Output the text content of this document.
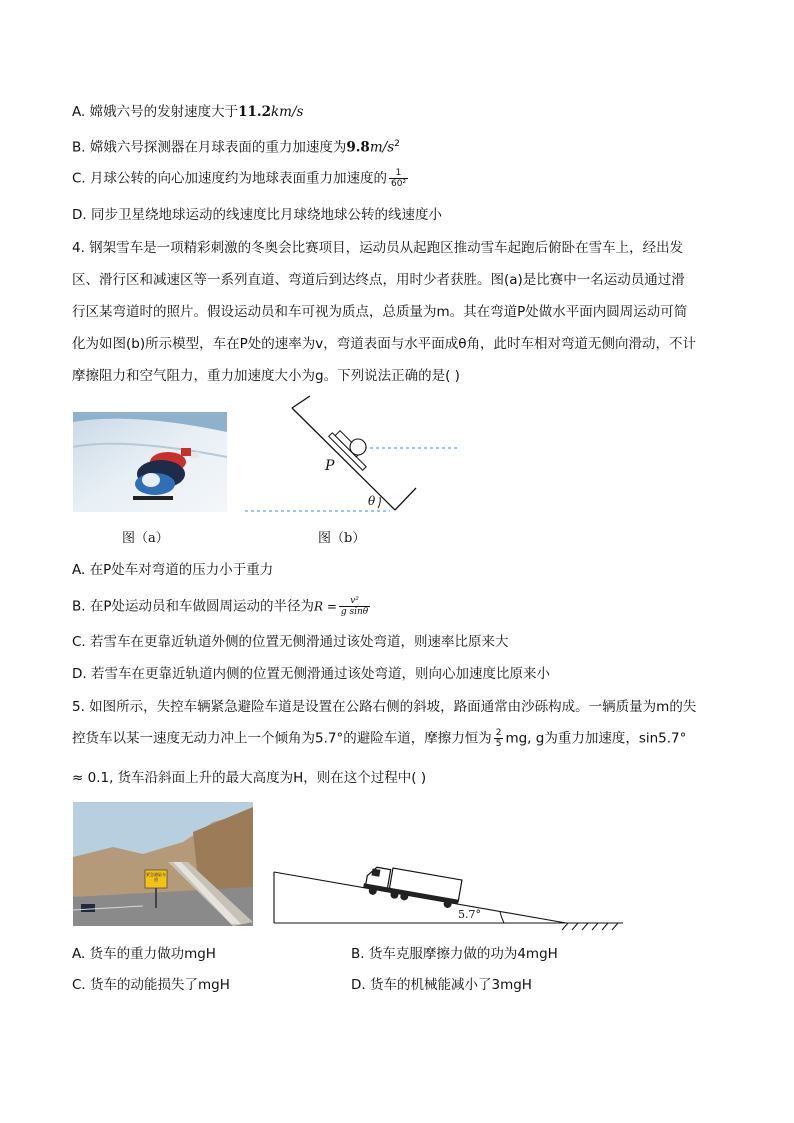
A. 嫦娥六号的发射速度大于11.2km/s
B. 嫦娥六号探测器在月球表面的重力加速度为$9.8m/s^2$
C. 月球公转的向心加速度约为地球表面重力加速度的 $\frac{1}{\text{60²}}$
D. 同步卫星绕地球运动的线速度比月球绕地球公转的线速度小
4. 钢架雪车是一项精彩刺激的冬奥会比赛项目，运动员从起跑区推动雪车起跑后俯卧在雪车上，经出发
区、滑行区和减速区等一系列直道、弯道后到达终点，用时少者获胜。图(a)是比赛中一名运动员通过滑
行区某弯道时的照片。假设运动员和车可视为质点，总质量为m。其在弯道P处做水平面内圆周运动可简
化为如图(b)所示模型，车在P处的速率为v，弯道表面与水平面成θ角，此时车相对弯道无侧向滑动，不计
摩擦阻力和空气阻力，重力加速度大小为g。下列说法正确的是( )
图（a）
P
θ
图（b）
A. 在P处车对弯道的压力小于重力
B. 在P处运动员和车做圆周运动的半径为$R = \frac{\text{v²}}{\text{g sinθ}}$
C. 若雪车在更靠近轨道外侧的位置无侧滑通过该处弯道，则速率比原来大
D. 若雪车在更靠近轨道内侧的位置无侧滑通过该处弯道，则向心加速度比原来小
5. 如图所示，失控车辆紧急避险车道是设置在公路右侧的斜坡，路面通常由沙砾构成。一辆质量为m的失
控货车以某一速度无动力冲上一个倾角为5.7°的避险车道，摩擦力恒为 $\frac{2}{5}$ mg, g为重力加速度，sin5.7°
≈ 0.1, 货车沿斜面上升的最大高度为H，则在这个过程中( )
紧急避险车道
5.7°
A. 货车的重力做功mgH	B. 货车克服摩擦力做的功为4mgH
C. 货车的动能损失了mgH	D. 货车的机械能减小了3mgH
